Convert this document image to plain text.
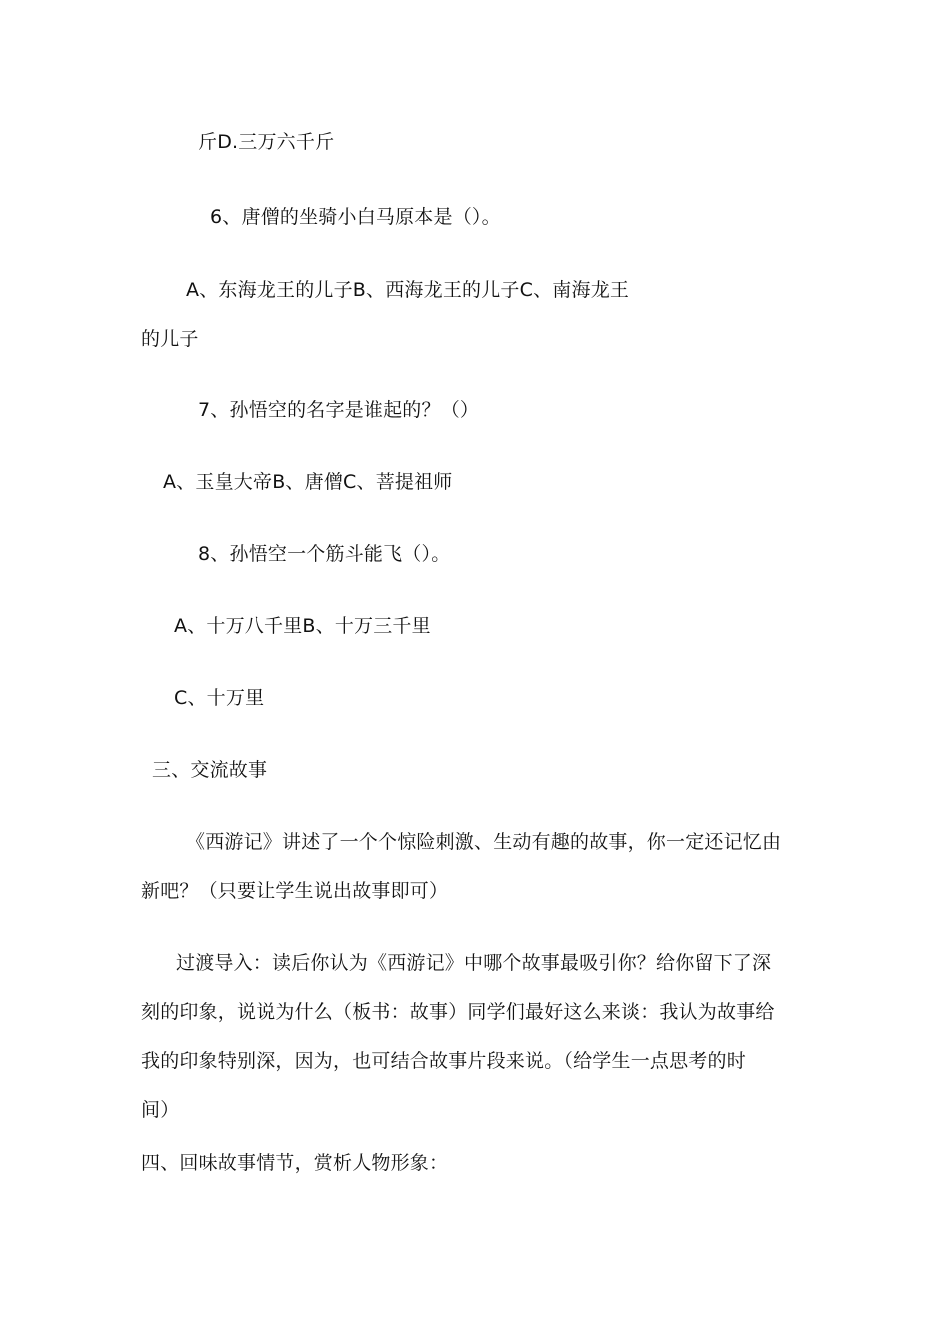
斤D.三万六千斤
6、唐僧的坐骑小白马原本是（）。
A、东海龙王的儿子B、西海龙王的儿子C、南海龙王
的儿子
7、孙悟空的名字是谁起的？（）
A、玉皇大帝B、唐僧C、菩提祖师
8、孙悟空一个筋斗能飞（）。
A、十万八千里B、十万三千里
C、十万里
三、交流故事
《西游记》讲述了一个个惊险刺激、生动有趣的故事，你一定还记忆由
新吧？（只要让学生说出故事即可）
过渡导入：读后你认为《西游记》中哪个故事最吸引你？给你留下了深
刻的印象，说说为什么（板书：故事）同学们最好这么来谈：我认为故事给
我的印象特别深，因为，也可结合故事片段来说。（给学生一点思考的时
间）
四、回味故事情节，赏析人物形象：
